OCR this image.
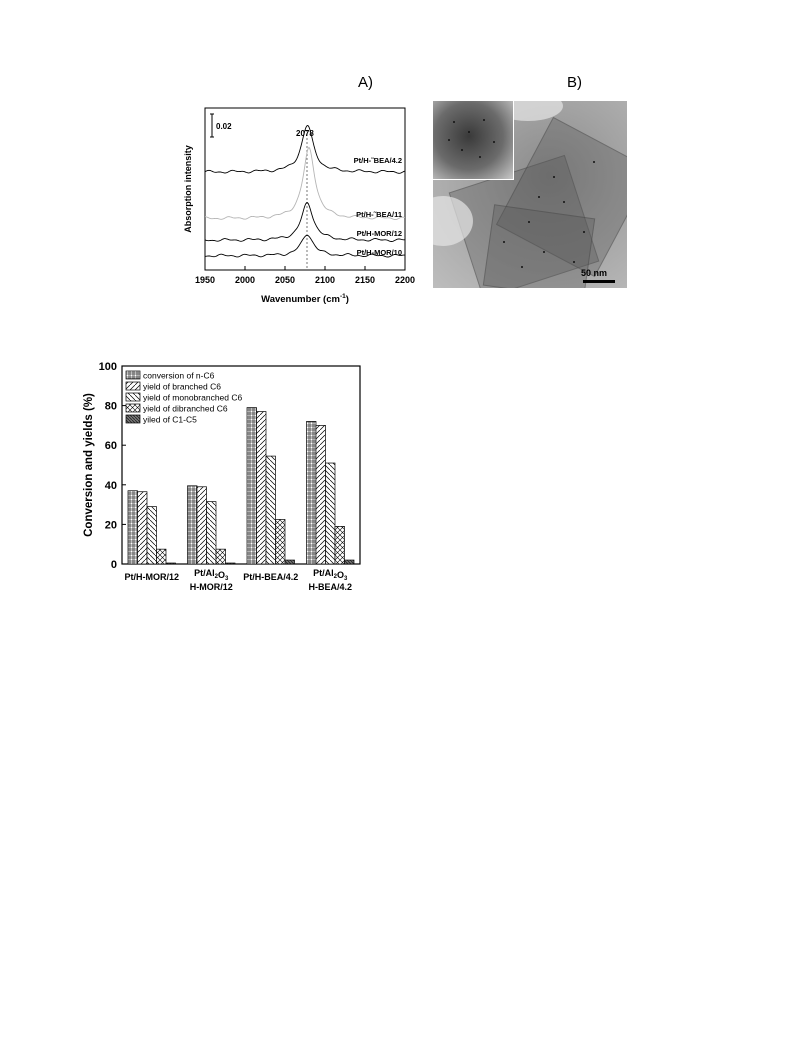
A)	B)
1950 2000 2050 2100 2150 2200
0.02
2078
Pt/H-˜BEA/4.2
Pt/H-˜BEA/11
Pt/H-MOR/12
Pt/H-MOR/10
Absorption intensity
Wavenumber $(cm^{-1})$
0
20
40
60
80
100
conversion of n-C6
yield of branched C6
yield of monobranched C6
yield of dibranched C6
yiled of C1-C5
Conversion and yields (%)
Pt/H-MOR/12 $Pt/Al_2O_3$
H-MOR/12
Pt/H-BEA/4.2 $Pt/Al_2O_3$
H-BEA/4.2
50 nm
